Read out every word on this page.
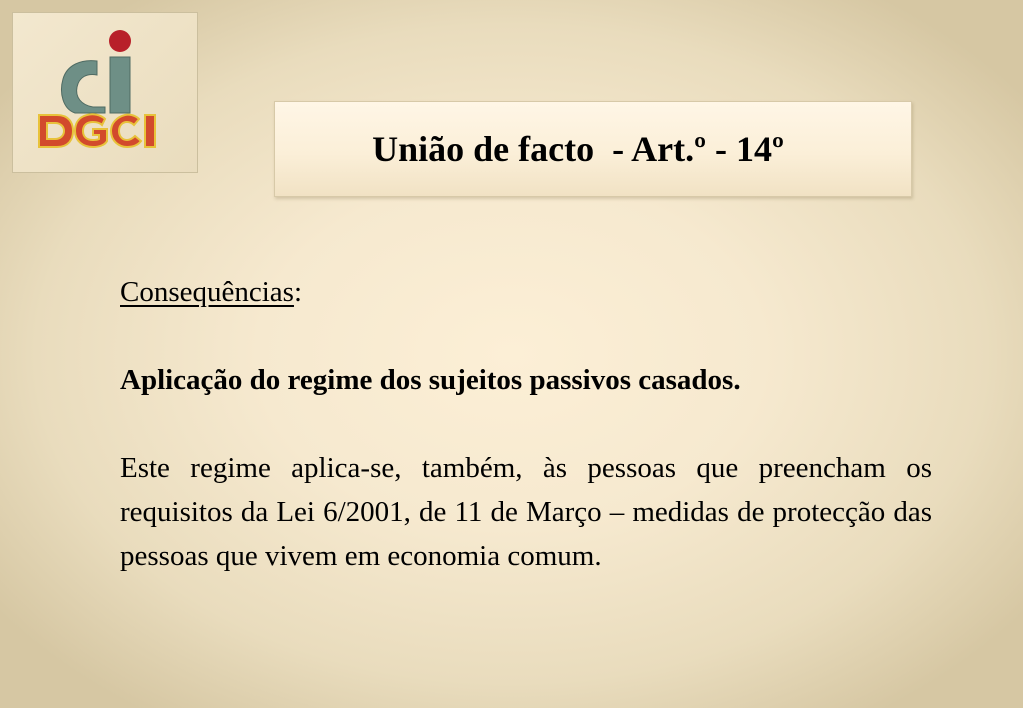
União de facto  - Art.º - 14º

Consequências:

Aplicação do regime dos sujeitos passivos casados.

Este regime aplica-se, também, às pessoas que preencham os requisitos da Lei 6/2001, de 11 de Março – medidas de protecção das pessoas que vivem em economia comum.
